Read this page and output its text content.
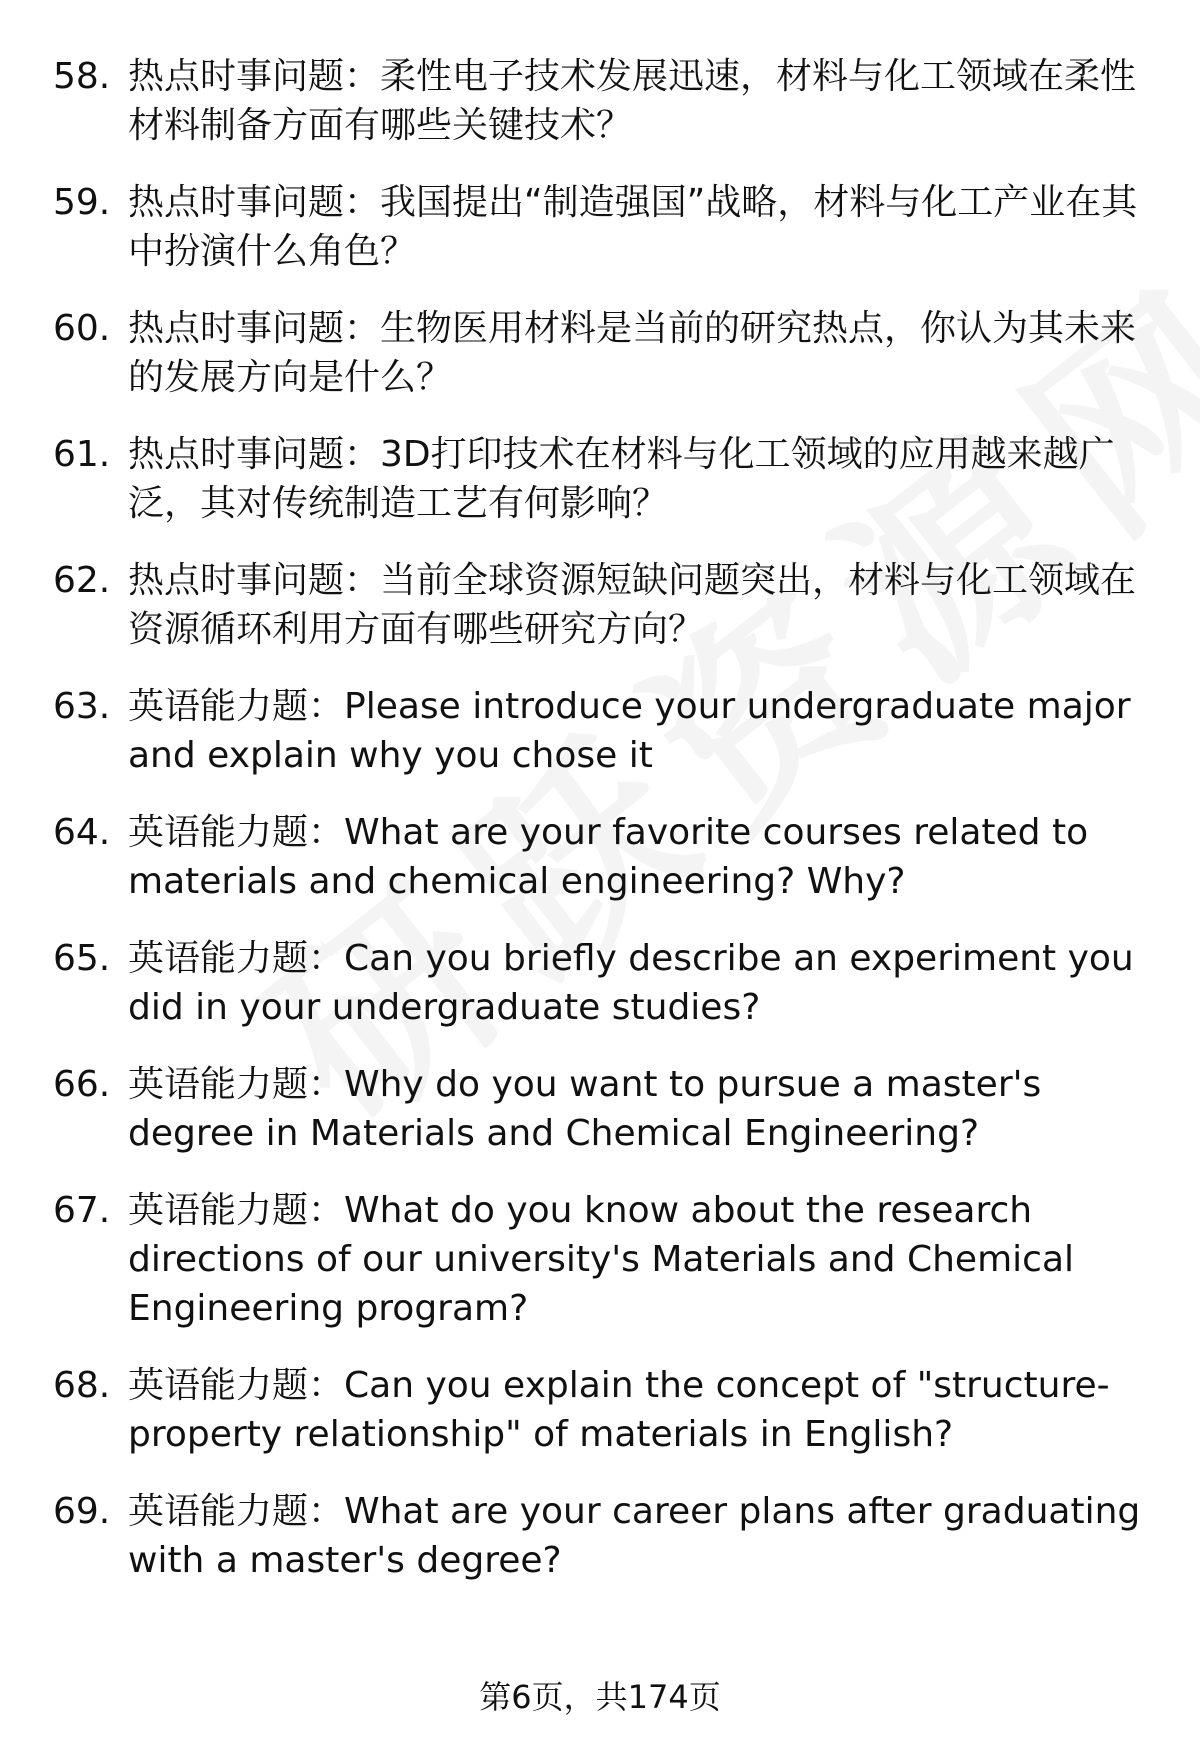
58. 热点时事问题：柔性电子技术发展迅速，材料与化工领域在柔性材料制备方面有哪些关键技术？
59. 热点时事问题：我国提出“制造强国”战略，材料与化工产业在其中扮演什么角色？
60. 热点时事问题：生物医用材料是当前的研究热点，你认为其未来的发展方向是什么？
61. 热点时事问题：3D打印技术在材料与化工领域的应用越来越广泛，其对传统制造工艺有何影响？
62. 热点时事问题：当前全球资源短缺问题突出，材料与化工领域在资源循环利用方面有哪些研究方向？
63. 英语能力题：Please introduce your undergraduate major and explain why you chose it
64. 英语能力题：What are your favorite courses related to materials and chemical engineering? Why?
65. 英语能力题：Can you briefly describe an experiment you did in your undergraduate studies?
66. 英语能力题：Why do you want to pursue a master's degree in Materials and Chemical Engineering?
67. 英语能力题：What do you know about the research directions of our university's Materials and Chemical Engineering program?
68. 英语能力题：Can you explain the concept of "structure-property relationship" of materials in English?
69. 英语能力题：What are your career plans after graduating with a master's degree?
第6页，共174页
